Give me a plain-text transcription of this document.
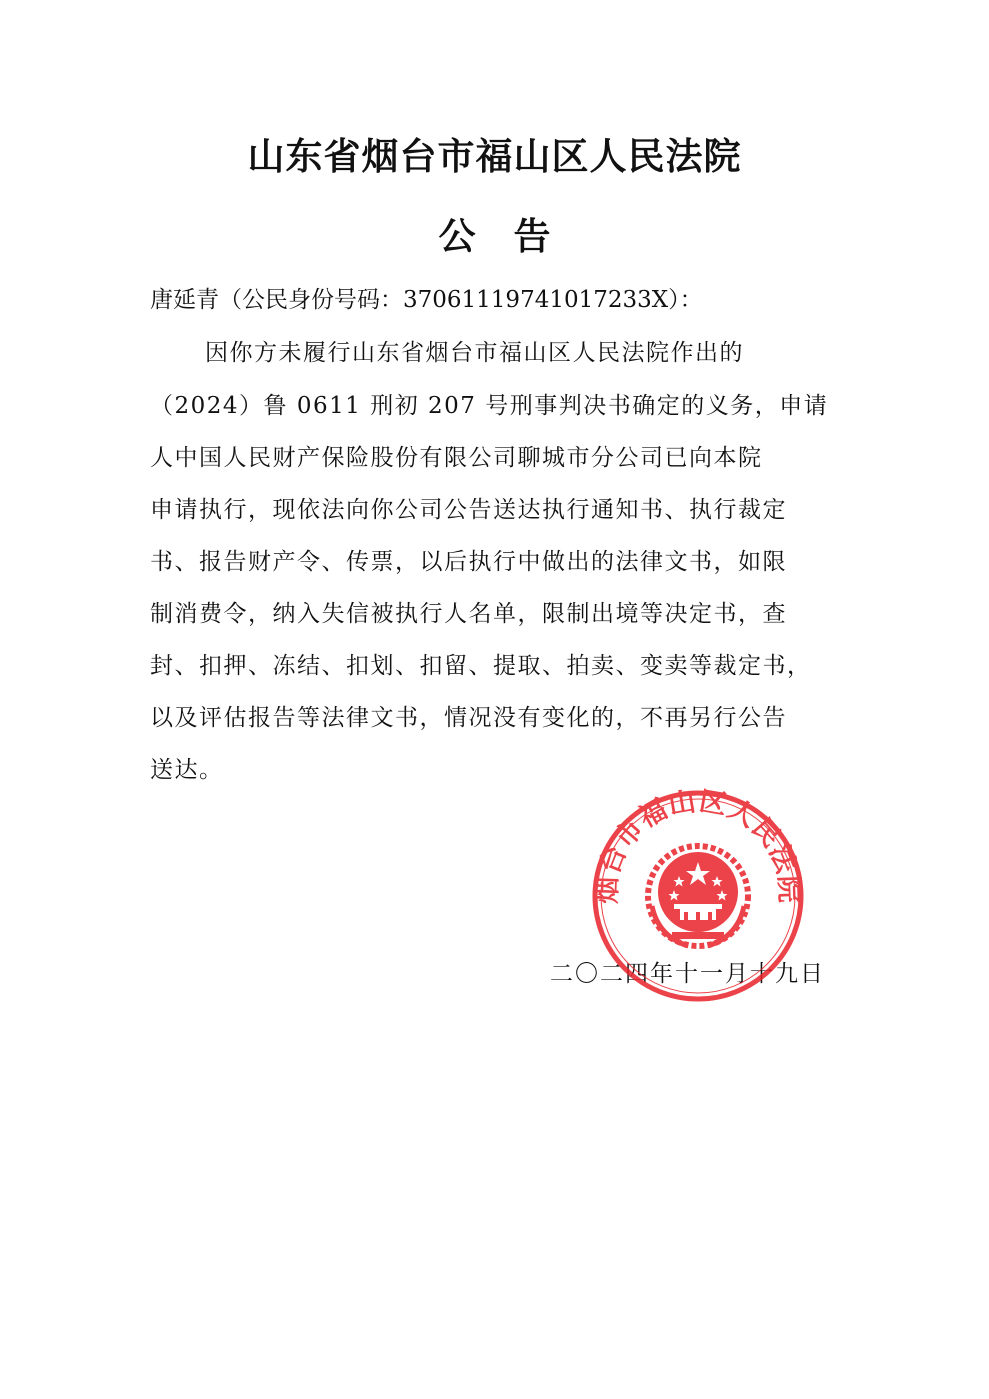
山东省烟台市福山区人民法院
公告

唐延青（公民身份号码：37061119741017233X）：

因你方未履行山东省烟台市福山区人民法院作出的

（2024）鲁 0611 刑初 207 号刑事判决书确定的义务，申请

人中国人民财产保险股份有限公司聊城市分公司已向本院

申请执行，现依法向你公司公告送达执行通知书、执行裁定

书、报告财产令、传票，以后执行中做出的法律文书，如限

制消费令，纳入失信被执行人名单，限制出境等决定书，查

封、扣押、冻结、扣划、扣留、提取、拍卖、变卖等裁定书，

以及评估报告等法律文书，情况没有变化的，不再另行公告

送达。

二〇二四年十一月十九日

烟台市福山区人民法院
